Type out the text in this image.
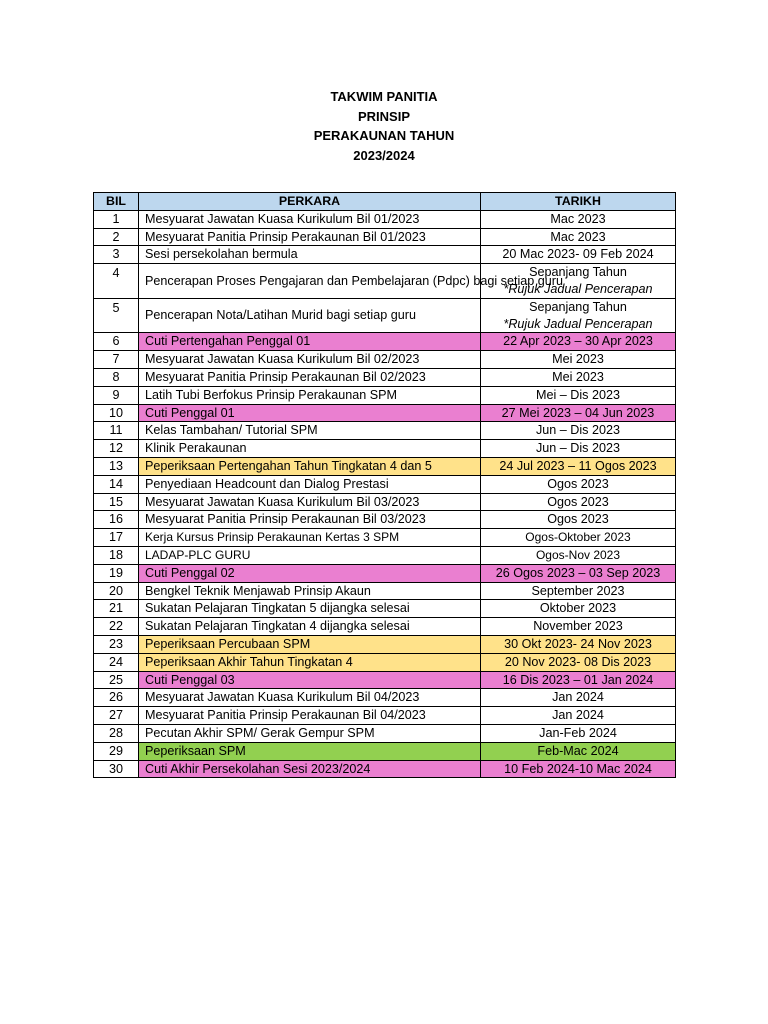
TAKWIM PANITIA
PRINSIP
PERAKAUNAN TAHUN
2023/2024
BIL	PERKARA	TARIKH
1	Mesyuarat Jawatan Kuasa Kurikulum Bil 01/2023	Mac 2023
2	Mesyuarat Panitia Prinsip Perakaunan Bil 01/2023	Mac 2023
3	Sesi persekolahan bermula	20 Mac 2023- 09 Feb 2024
4	Pencerapan Proses Pengajaran dan Pembelajaran (Pdpc) bagi setiap guru	Sepanjang Tahun
*Rujuk Jadual Pencerapan

5	Pencerapan Nota/Latihan Murid bagi setiap guru	Sepanjang Tahun
*Rujuk Jadual Pencerapan

6	Cuti Pertengahan Penggal 01	22 Apr 2023 – 30 Apr 2023
7	Mesyuarat Jawatan Kuasa Kurikulum Bil 02/2023	Mei 2023
8	Mesyuarat Panitia Prinsip Perakaunan Bil 02/2023	Mei 2023
9	Latih Tubi Berfokus Prinsip Perakaunan SPM	Mei – Dis 2023
10	Cuti Penggal 01	27 Mei 2023 – 04 Jun 2023
11	Kelas Tambahan/ Tutorial SPM	Jun – Dis 2023
12	Klinik Perakaunan	Jun – Dis 2023
13	Peperiksaan Pertengahan Tahun Tingkatan 4 dan 5	24 Jul 2023 – 11 Ogos 2023
14	Penyediaan Headcount dan Dialog Prestasi	Ogos 2023
15	Mesyuarat Jawatan Kuasa Kurikulum Bil 03/2023	Ogos 2023
16	Mesyuarat Panitia Prinsip Perakaunan Bil 03/2023	Ogos 2023
17	Kerja Kursus Prinsip Perakaunan Kertas 3 SPM	Ogos-Oktober 2023
18	LADAP-PLC GURU	Ogos-Nov 2023
19	Cuti Penggal 02	26 Ogos 2023 – 03 Sep 2023
20	Bengkel Teknik Menjawab Prinsip Akaun	September 2023
21	Sukatan Pelajaran Tingkatan 5 dijangka selesai	Oktober 2023
22	Sukatan Pelajaran Tingkatan 4 dijangka selesai	November 2023
23	Peperiksaan Percubaan SPM	30 Okt 2023- 24 Nov 2023
24	Peperiksaan Akhir Tahun Tingkatan 4	20 Nov 2023- 08 Dis 2023
25	Cuti Penggal 03	16 Dis 2023 – 01 Jan 2024
26	Mesyuarat Jawatan Kuasa Kurikulum Bil 04/2023	Jan 2024
27	Mesyuarat Panitia Prinsip Perakaunan Bil 04/2023	Jan 2024
28	Pecutan Akhir SPM/ Gerak Gempur SPM	Jan-Feb 2024
29	Peperiksaan SPM	Feb-Mac 2024
30	Cuti Akhir Persekolahan Sesi 2023/2024	10 Feb 2024-10 Mac 2024
